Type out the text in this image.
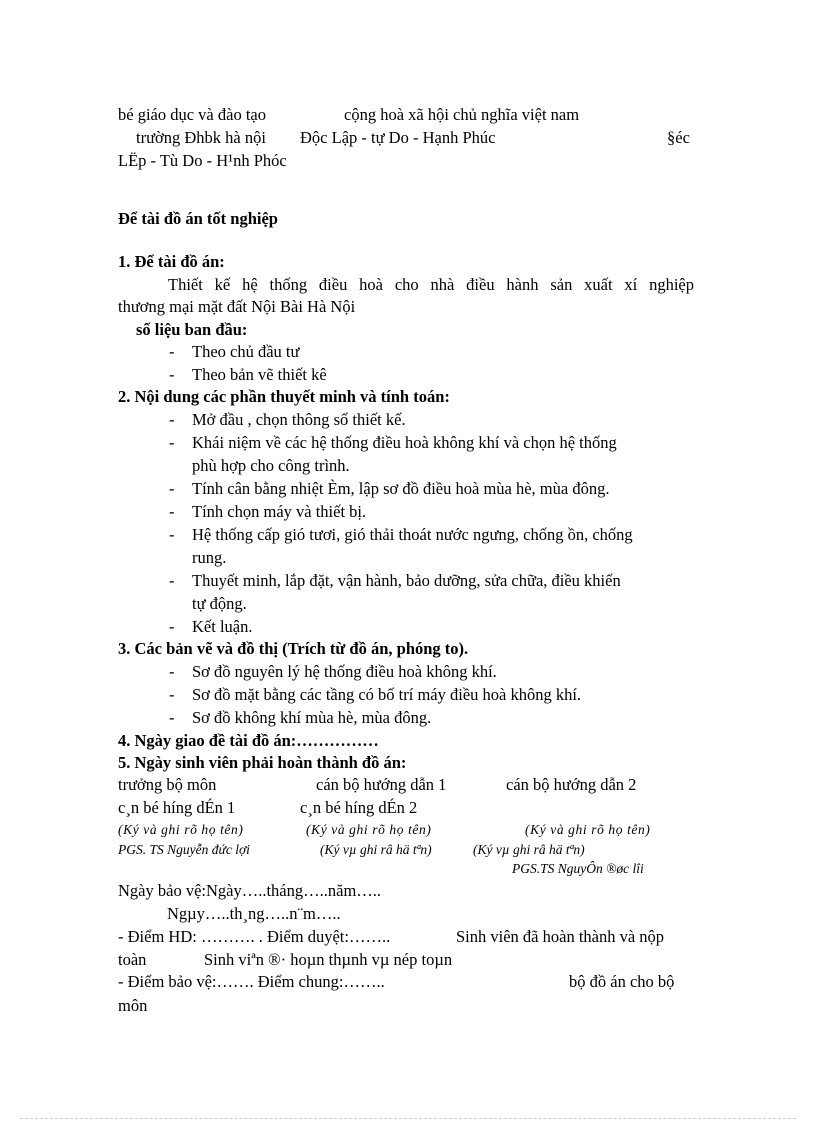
bé giáo dục và đào tạo	cộng hoà xã hội chủ nghĩa việt nam
trường Đhbk hà nội Độc Lập - tự Do - Hạnh Phúc	§éc
LËp - Tù Do - H¹nh Phóc
Để tài đồ án tốt nghiệp
1. Để tài đồ án:
Thiết kế hệ thống điều hoà cho nhà điều hành sản xuất xí nghiệp
thương mại mặt đất Nội Bài Hà Nội
số liệu ban đầu:
- Theo chủ đầu tư
- Theo bản vẽ thiết kê
2. Nội dung các phần thuyết minh và tính toán:
- Mở đầu , chọn thông số thiết kế.
- Khái niệm về các hệ thống điều hoà không khí và chọn hệ thống
phù hợp cho công trình.
- Tính cân bằng nhiệt Èm, lập sơ đồ điều hoà mùa hè, mùa đông.
- Tính chọn máy và thiết bị.
- Hệ thống cấp gió tươi, gió thải thoát nước ngưng, chống ồn, chống
rung.
- Thuyết minh, lắp đặt, vận hành, bảo dưỡng, sửa chữa, điều khiển
tự động.
- Kết luận.
3. Các bản vẽ và đồ thị (Trích từ đồ án, phóng to).
- Sơ đồ nguyên lý hệ thống điều hoà không khí.
- Sơ đồ mặt bằng các tầng có bố trí máy điều hoà không khí.
- Sơ đồ không khí mùa hè, mùa đông.
4. Ngày giao đề tài đồ án:……………
5. Ngày sinh viên phải hoàn thành đồ án:
trưởng bộ môn	cán bộ hướng dẫn 1	cán bộ hướng dẫn 2
c¸n bé híng dÉn 1	c¸n bé híng dÉn 2
(Ký và ghi rõ họ tên)	(Ký và ghi rõ họ tên)	(Ký và ghi rõ họ tên)
PGS. TS Nguyễn đức lợi	(Ký vµ ghi râ hä tªn)	(Ký vµ ghi râ hä tªn)
PGS.TS NguyÔn ®øc lîi
Ngày bảo vệ:Ngày…..tháng…..năm…..
Ngµy…..th¸ng…..n¨m…..
- Điểm HD: ………. . Điểm duyệt:……..	Sinh viên đã hoàn thành và nộp
toàn	Sinh viªn ®· hoµn thµnh vµ nép toµn
- Điểm bảo vệ:……. Điểm chung:……..	bộ đồ án cho bộ
môn
